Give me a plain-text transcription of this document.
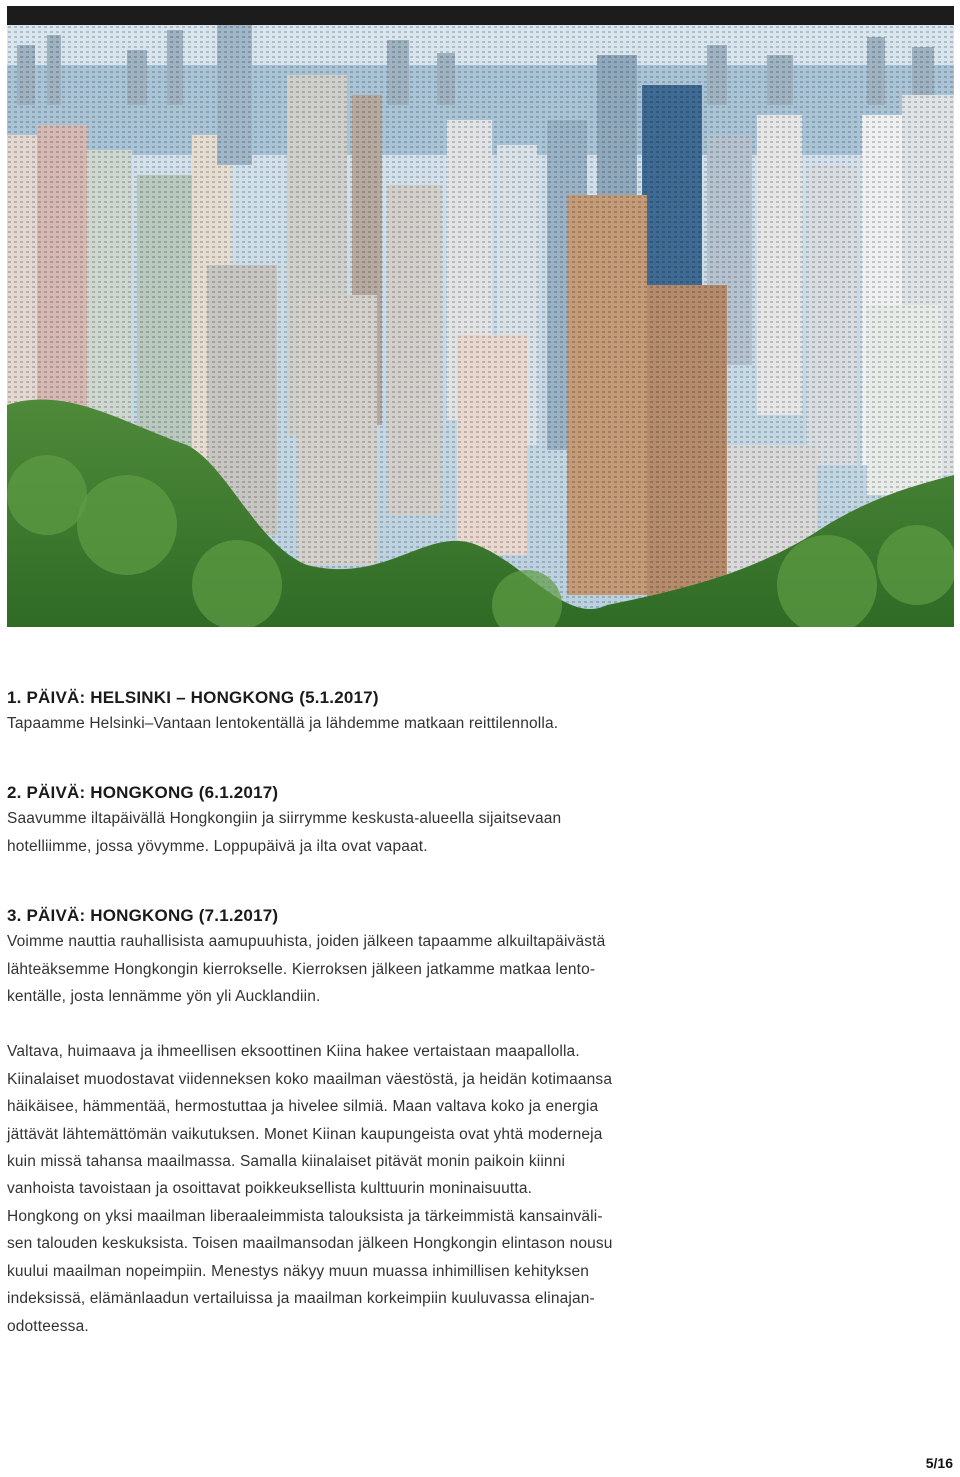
1. PÄIVÄ: HELSINKI – HONGKONG (5.1.2017)

Tapaamme Helsinki–Vantaan lentokentällä ja lähdemme matkaan reittilennolla.

2. PÄIVÄ: HONGKONG (6.1.2017)

Saavumme iltapäivällä Hongkongiin ja siirrymme keskusta-alueella sijaitsevaan

hotelliimme, jossa yövymme. Loppupäivä ja ilta ovat vapaat.

3. PÄIVÄ: HONGKONG (7.1.2017)

Voimme nauttia rauhallisista aamupuuhista, joiden jälkeen tapaamme alkuiltapäivästä

lähteäksemme Hongkongin kierrokselle. Kierroksen jälkeen jatkamme matkaa lento-

kentälle, josta lennämme yön yli Aucklandiin.

Valtava, huimaava ja ihmeellisen eksoottinen Kiina hakee vertaistaan maapallolla.

Kiinalaiset muodostavat viidenneksen koko maailman väestöstä, ja heidän kotimaansa

häikäisee, hämmentää, hermostuttaa ja hivelee silmiä. Maan valtava koko ja energia

jättävät lähtemättömän vaikutuksen. Monet Kiinan kaupungeista ovat yhtä moderneja

kuin missä tahansa maailmassa. Samalla kiinalaiset pitävät monin paikoin kiinni

vanhoista tavoistaan ja osoittavat poikkeuksellista kulttuurin moninaisuutta.

Hongkong on yksi maailman liberaaleimmista talouksista ja tärkeimmistä kansainväli-

sen talouden keskuksista. Toisen maailmansodan jälkeen Hongkongin elintason nousu

kuului maailman nopeimpiin. Menestys näkyy muun muassa inhimillisen kehityksen

indeksissä, elämänlaadun vertailuissa ja maailman korkeimpiin kuuluvassa elinajan-

odotteessa.

5/16
